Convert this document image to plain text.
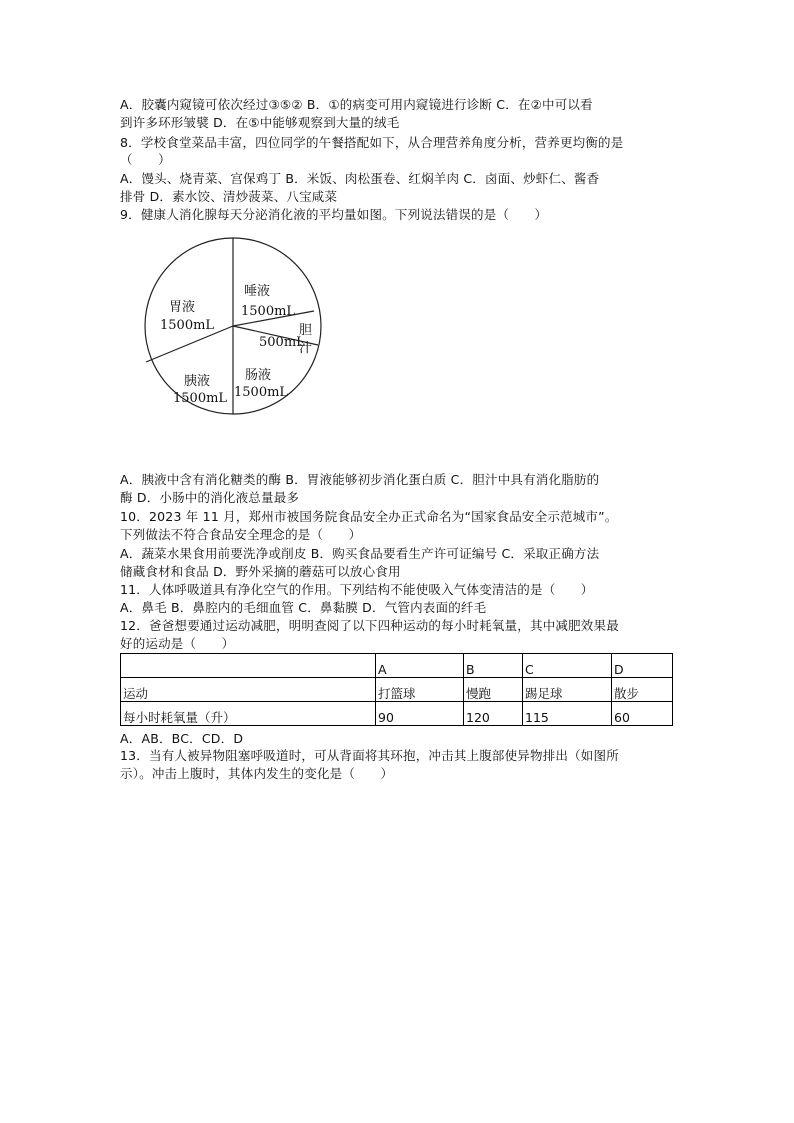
A．胶囊内窥镜可依次经过③⑤② B．①的病变可用内窥镜进行诊断 C．在②中可以看
到许多环形皱襞 D．在⑤中能够观察到大量的绒毛
8．学校食堂菜品丰富，四位同学的午餐搭配如下，从合理营养角度分析，营养更均衡的是
（　　）
A．馒头、烧青菜、宫保鸡丁 B．米饭、肉松蛋卷、红焖羊肉 C．卤面、炒虾仁、酱香
排骨 D．素水饺、清炒菠菜、八宝咸菜
9．健康人消化腺每天分泌消化液的平均量如图。下列说法错误的是（　　）
唾液
1500mL
胆
汁
500mL
肠液
1500mL
胰液
1500mL
胃液
1500mL
A．胰液中含有消化糖类的酶 B．胃液能够初步消化蛋白质 C．胆汁中具有消化脂肪的
酶 D．小肠中的消化液总量最多
10．2023 年 11 月，郑州市被国务院食品安全办正式命名为“国家食品安全示范城市”。
下列做法不符合食品安全理念的是（　　）
A．蔬菜水果食用前要洗净或削皮 B．购买食品要看生产许可证编号 C．采取正确方法
储藏食材和食品 D．野外采摘的蘑菇可以放心食用
11．人体呼吸道具有净化空气的作用。下列结构不能使吸入气体变清洁的是（　　）
A．鼻毛 B．鼻腔内的毛细血管 C．鼻黏膜 D．气管内表面的纤毛
12．爸爸想要通过运动减肥，明明查阅了以下四种运动的每小时耗氧量，其中减肥效果最
好的运动是（　　）
	A	B	C	D
运动	打篮球	慢跑	踢足球	散步
每小时耗氧量（升）	90	120	115	60
A．AB．BC．CD．D
13．当有人被异物阻塞呼吸道时，可从背面将其环抱，冲击其上腹部使异物排出（如图所
示）。冲击上腹时，其体内发生的变化是（　　）
